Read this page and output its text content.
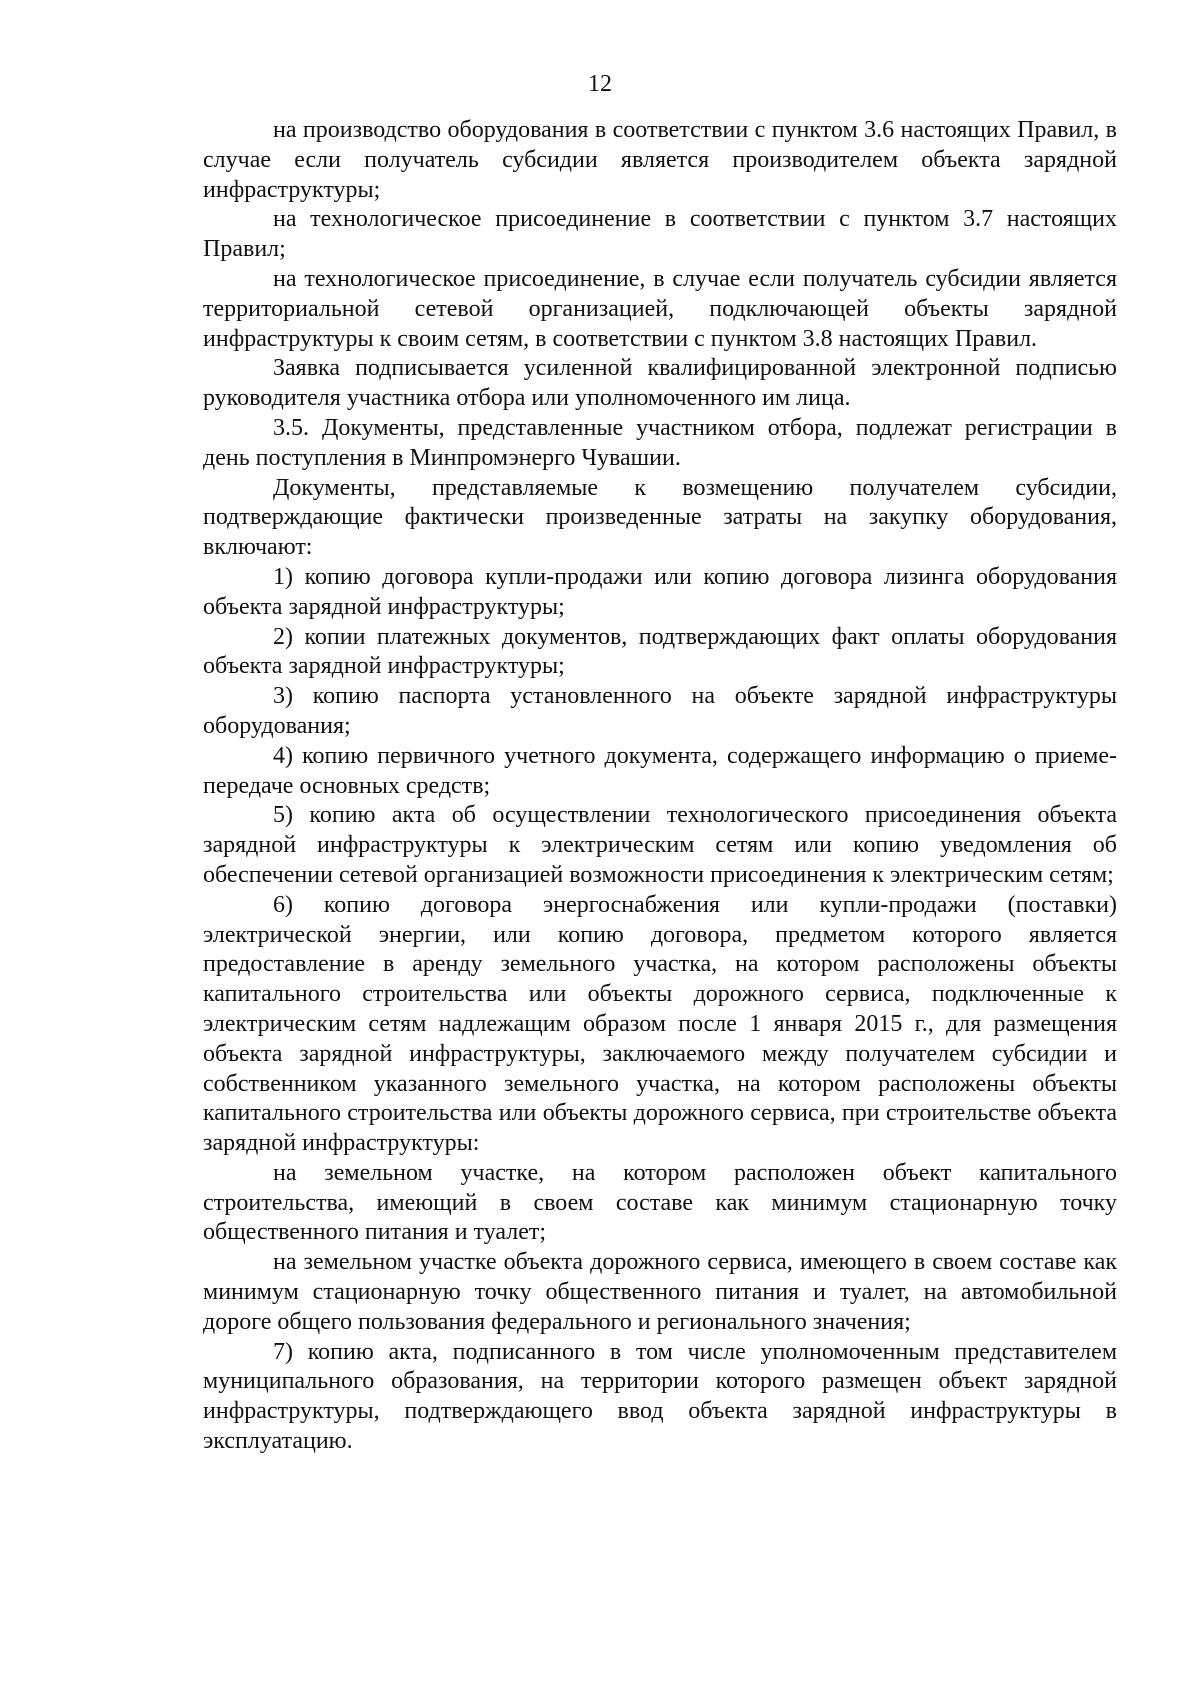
12

на производство оборудования в соответствии с пунктом 3.6 настоящих Правил, в случае если получатель субсидии является производителем объекта зарядной инфраструктуры;

на технологическое присоединение в соответствии с пунктом 3.7 настоящих Правил;

на технологическое присоединение, в случае если получатель субсидии является территориальной сетевой организацией, подключающей объекты зарядной инфраструктуры к своим сетям, в соответствии с пунктом 3.8 настоящих Правил.

Заявка подписывается усиленной квалифицированной электронной подписью руководителя участника отбора или уполномоченного им лица.

3.5. Документы, представленные участником отбора, подлежат регистрации в день поступления в Минпромэнерго Чувашии.

Документы, представляемые к возмещению получателем субсидии, подтверждающие фактически произведенные затраты на закупку оборудования, включают:

1) копию договора купли-продажи или копию договора лизинга оборудования объекта зарядной инфраструктуры;

2) копии платежных документов, подтверждающих факт оплаты оборудования объекта зарядной инфраструктуры;

3) копию паспорта установленного на объекте зарядной инфраструктуры оборудования;

4) копию первичного учетного документа, содержащего информацию о приеме-передаче основных средств;

5) копию акта об осуществлении технологического присоединения объекта зарядной инфраструктуры к электрическим сетям или копию уведомления об обеспечении сетевой организацией возможности присоединения к электрическим сетям;

6) копию договора энергоснабжения или купли-продажи (поставки) электрической энергии, или копию договора, предметом которого является предоставление в аренду земельного участка, на котором расположены объекты капитального строительства или объекты дорожного сервиса, подключенные к электрическим сетям надлежащим образом после 1 января 2015 г., для размещения объекта зарядной инфраструктуры, заключаемого между получателем субсидии и собственником указанного земельного участка, на котором расположены объекты капитального строительства или объекты дорожного сервиса, при строительстве объекта зарядной инфраструктуры:

на земельном участке, на котором расположен объект капитального строительства, имеющий в своем составе как минимум стационарную точку общественного питания и туалет;

на земельном участке объекта дорожного сервиса, имеющего в своем составе как минимум стационарную точку общественного питания и туалет, на автомобильной дороге общего пользования федерального и регионального значения;

7) копию акта, подписанного в том числе уполномоченным представителем муниципального образования, на территории которого размещен объект зарядной инфраструктуры, подтверждающего ввод объекта зарядной инфраструктуры в эксплуатацию.
